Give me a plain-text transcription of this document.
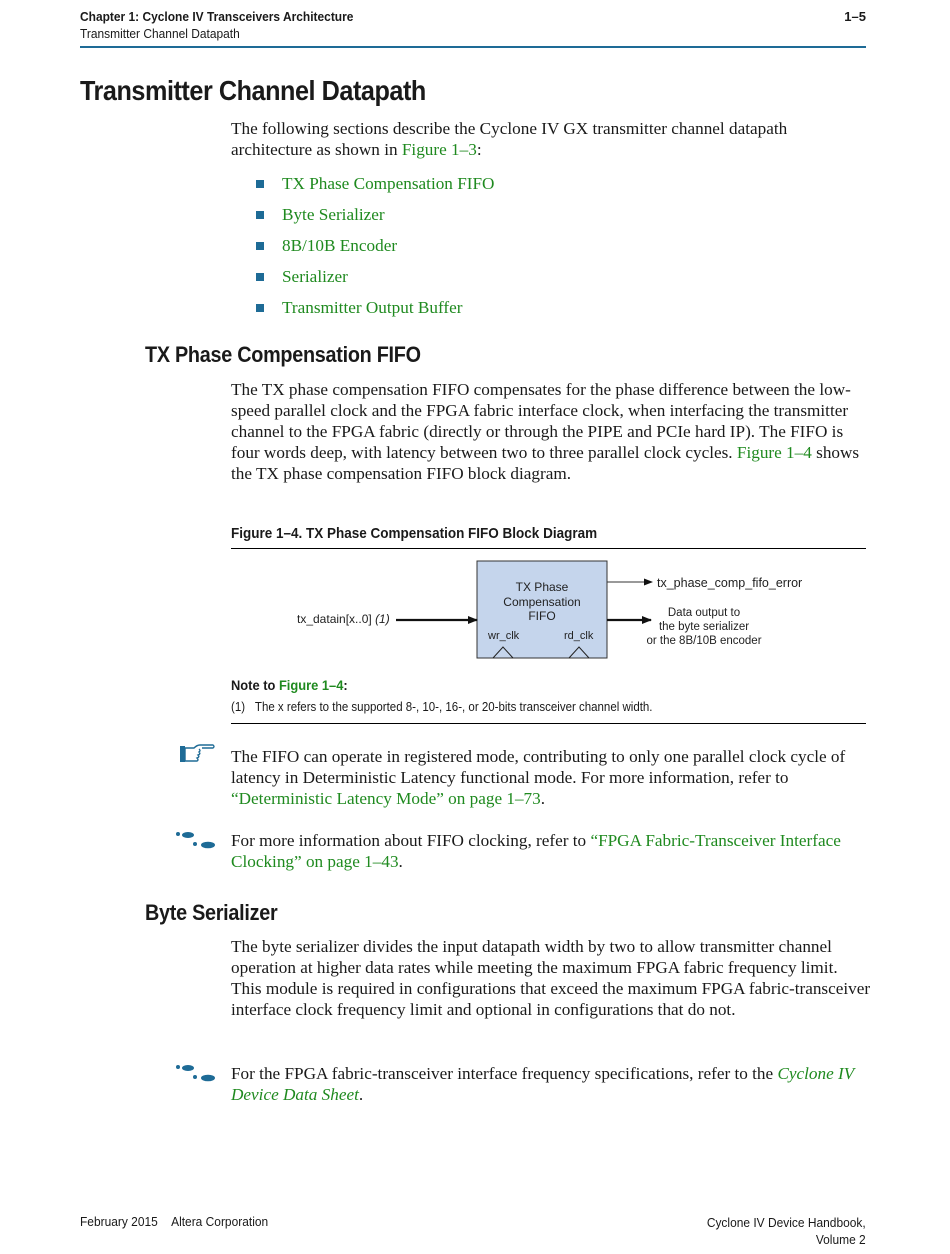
Chapter 1: Cyclone IV Transceivers Architecture
Transmitter Channel Datapath
1–5
Transmitter Channel Datapath

The following sections describe the Cyclone IV GX transmitter channel datapath architecture as shown in Figure 1–3:

TX Phase Compensation FIFO
Byte Serializer
8B/10B Encoder
Serializer
Transmitter Output Buffer
TX Phase Compensation FIFO

The TX phase compensation FIFO compensates for the phase difference between the low-speed parallel clock and the FPGA fabric interface clock, when interfacing the transmitter channel to the FPGA fabric (directly or through the PIPE and PCIe hard IP). The FIFO is four words deep, with latency between two to three parallel clock cycles. Figure 1–4 shows the TX phase compensation FIFO block diagram.

Figure 1–4. TX Phase Compensation FIFO Block Diagram
TX Phase
Compensation
FIFO
wr_clk	rd_clk
tx_datain[x..0] (1)
tx_phase_comp_fifo_error
Data output to
the byte serializer
or the 8B/10B encoder
Note to Figure 1–4:
(1) The x refers to the supported 8-, 10-, 16-, or 20-bits transceiver channel width.

The FIFO can operate in registered mode, contributing to only one parallel clock cycle of latency in Deterministic Latency functional mode. For more information, refer to “Deterministic Latency Mode” on page 1–73.

For more information about FIFO clocking, refer to “FPGA Fabric-Transceiver Interface Clocking” on page 1–43.

Byte Serializer

The byte serializer divides the input datapath width by two to allow transmitter channel operation at higher data rates while meeting the maximum FPGA fabric frequency limit. This module is required in configurations that exceed the maximum FPGA fabric-transceiver interface clock frequency limit and optional in configurations that do not.

For the FPGA fabric-transceiver interface frequency specifications, refer to the Cyclone IV Device Data Sheet.

February 2015 Altera Corporation	Cyclone IV Device Handbook,
Volume 2
